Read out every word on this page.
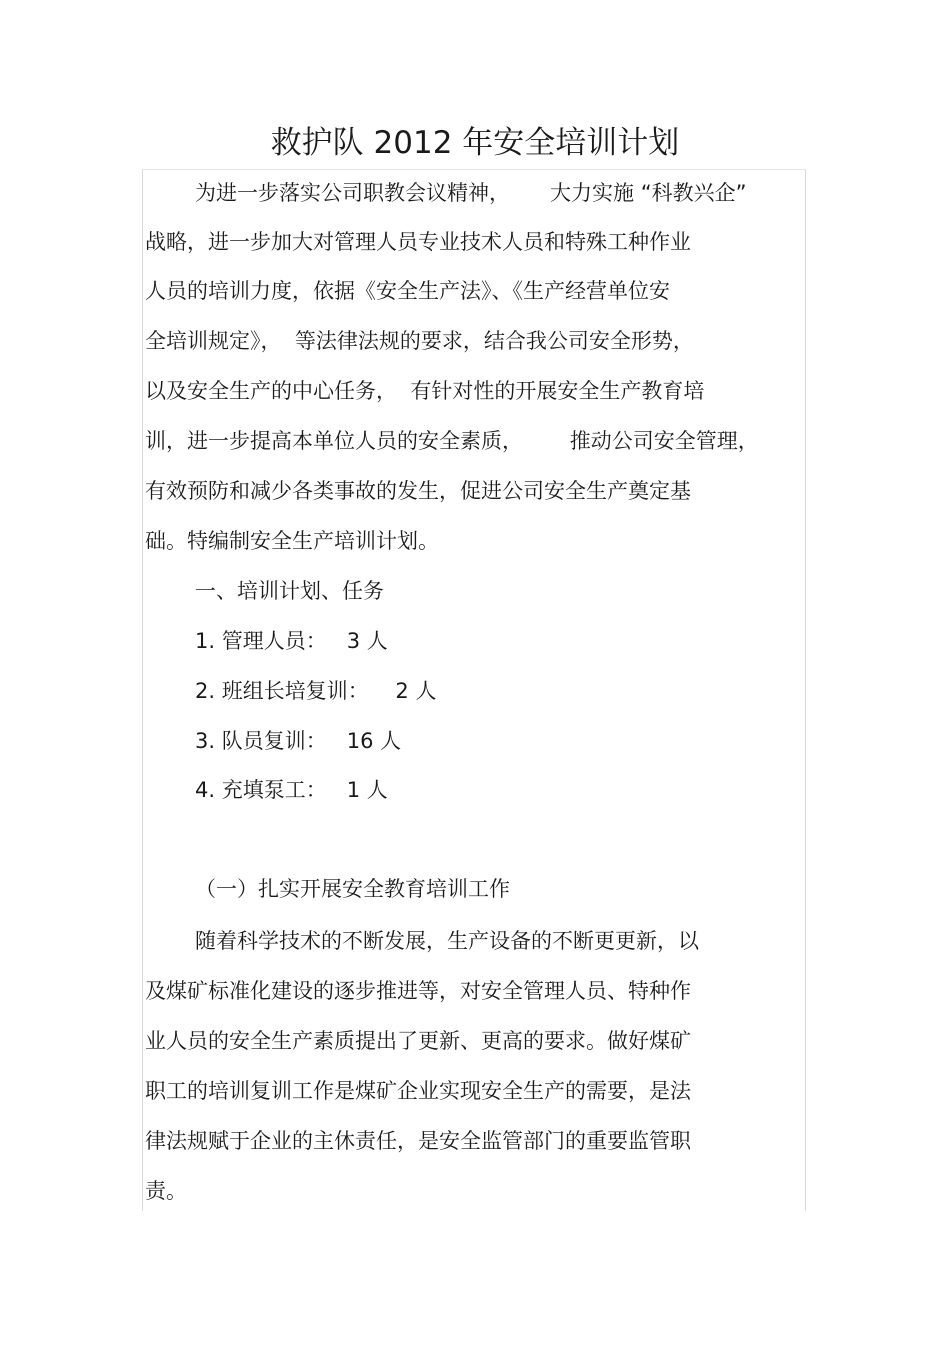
救护队 2012 年安全培训计划

为进一步落实公司职教会议精神，      大力实施 “科教兴企”

战略，进一步加大对管理人员专业技术人员和特殊工种作业

人员的培训力度，依据《安全生产法》、《生产经营单位安

全培训规定》，  等法律法规的要求，结合我公司安全形势，

以及安全生产的中心任务，  有针对性的开展安全生产教育培

训，进一步提高本单位人员的安全素质，       推动公司安全管理，

有效预防和减少各类事故的发生，促进公司安全生产奠定基

础。特编制安全生产培训计划。

一、培训计划、任务

1. 管理人员：   3 人

2. 班组长培复训：    2 人

3. 队员复训：   16 人

4. 充填泵工：   1 人

（一）扎实开展安全教育培训工作

随着科学技术的不断发展，生产设备的不断更更新，以

及煤矿标准化建设的逐步推进等，对安全管理人员、特种作

业人员的安全生产素质提出了更新、更高的要求。做好煤矿

职工的培训复训工作是煤矿企业实现安全生产的需要，是法

律法规赋于企业的主休责任，是安全监管部门的重要监管职

责。
